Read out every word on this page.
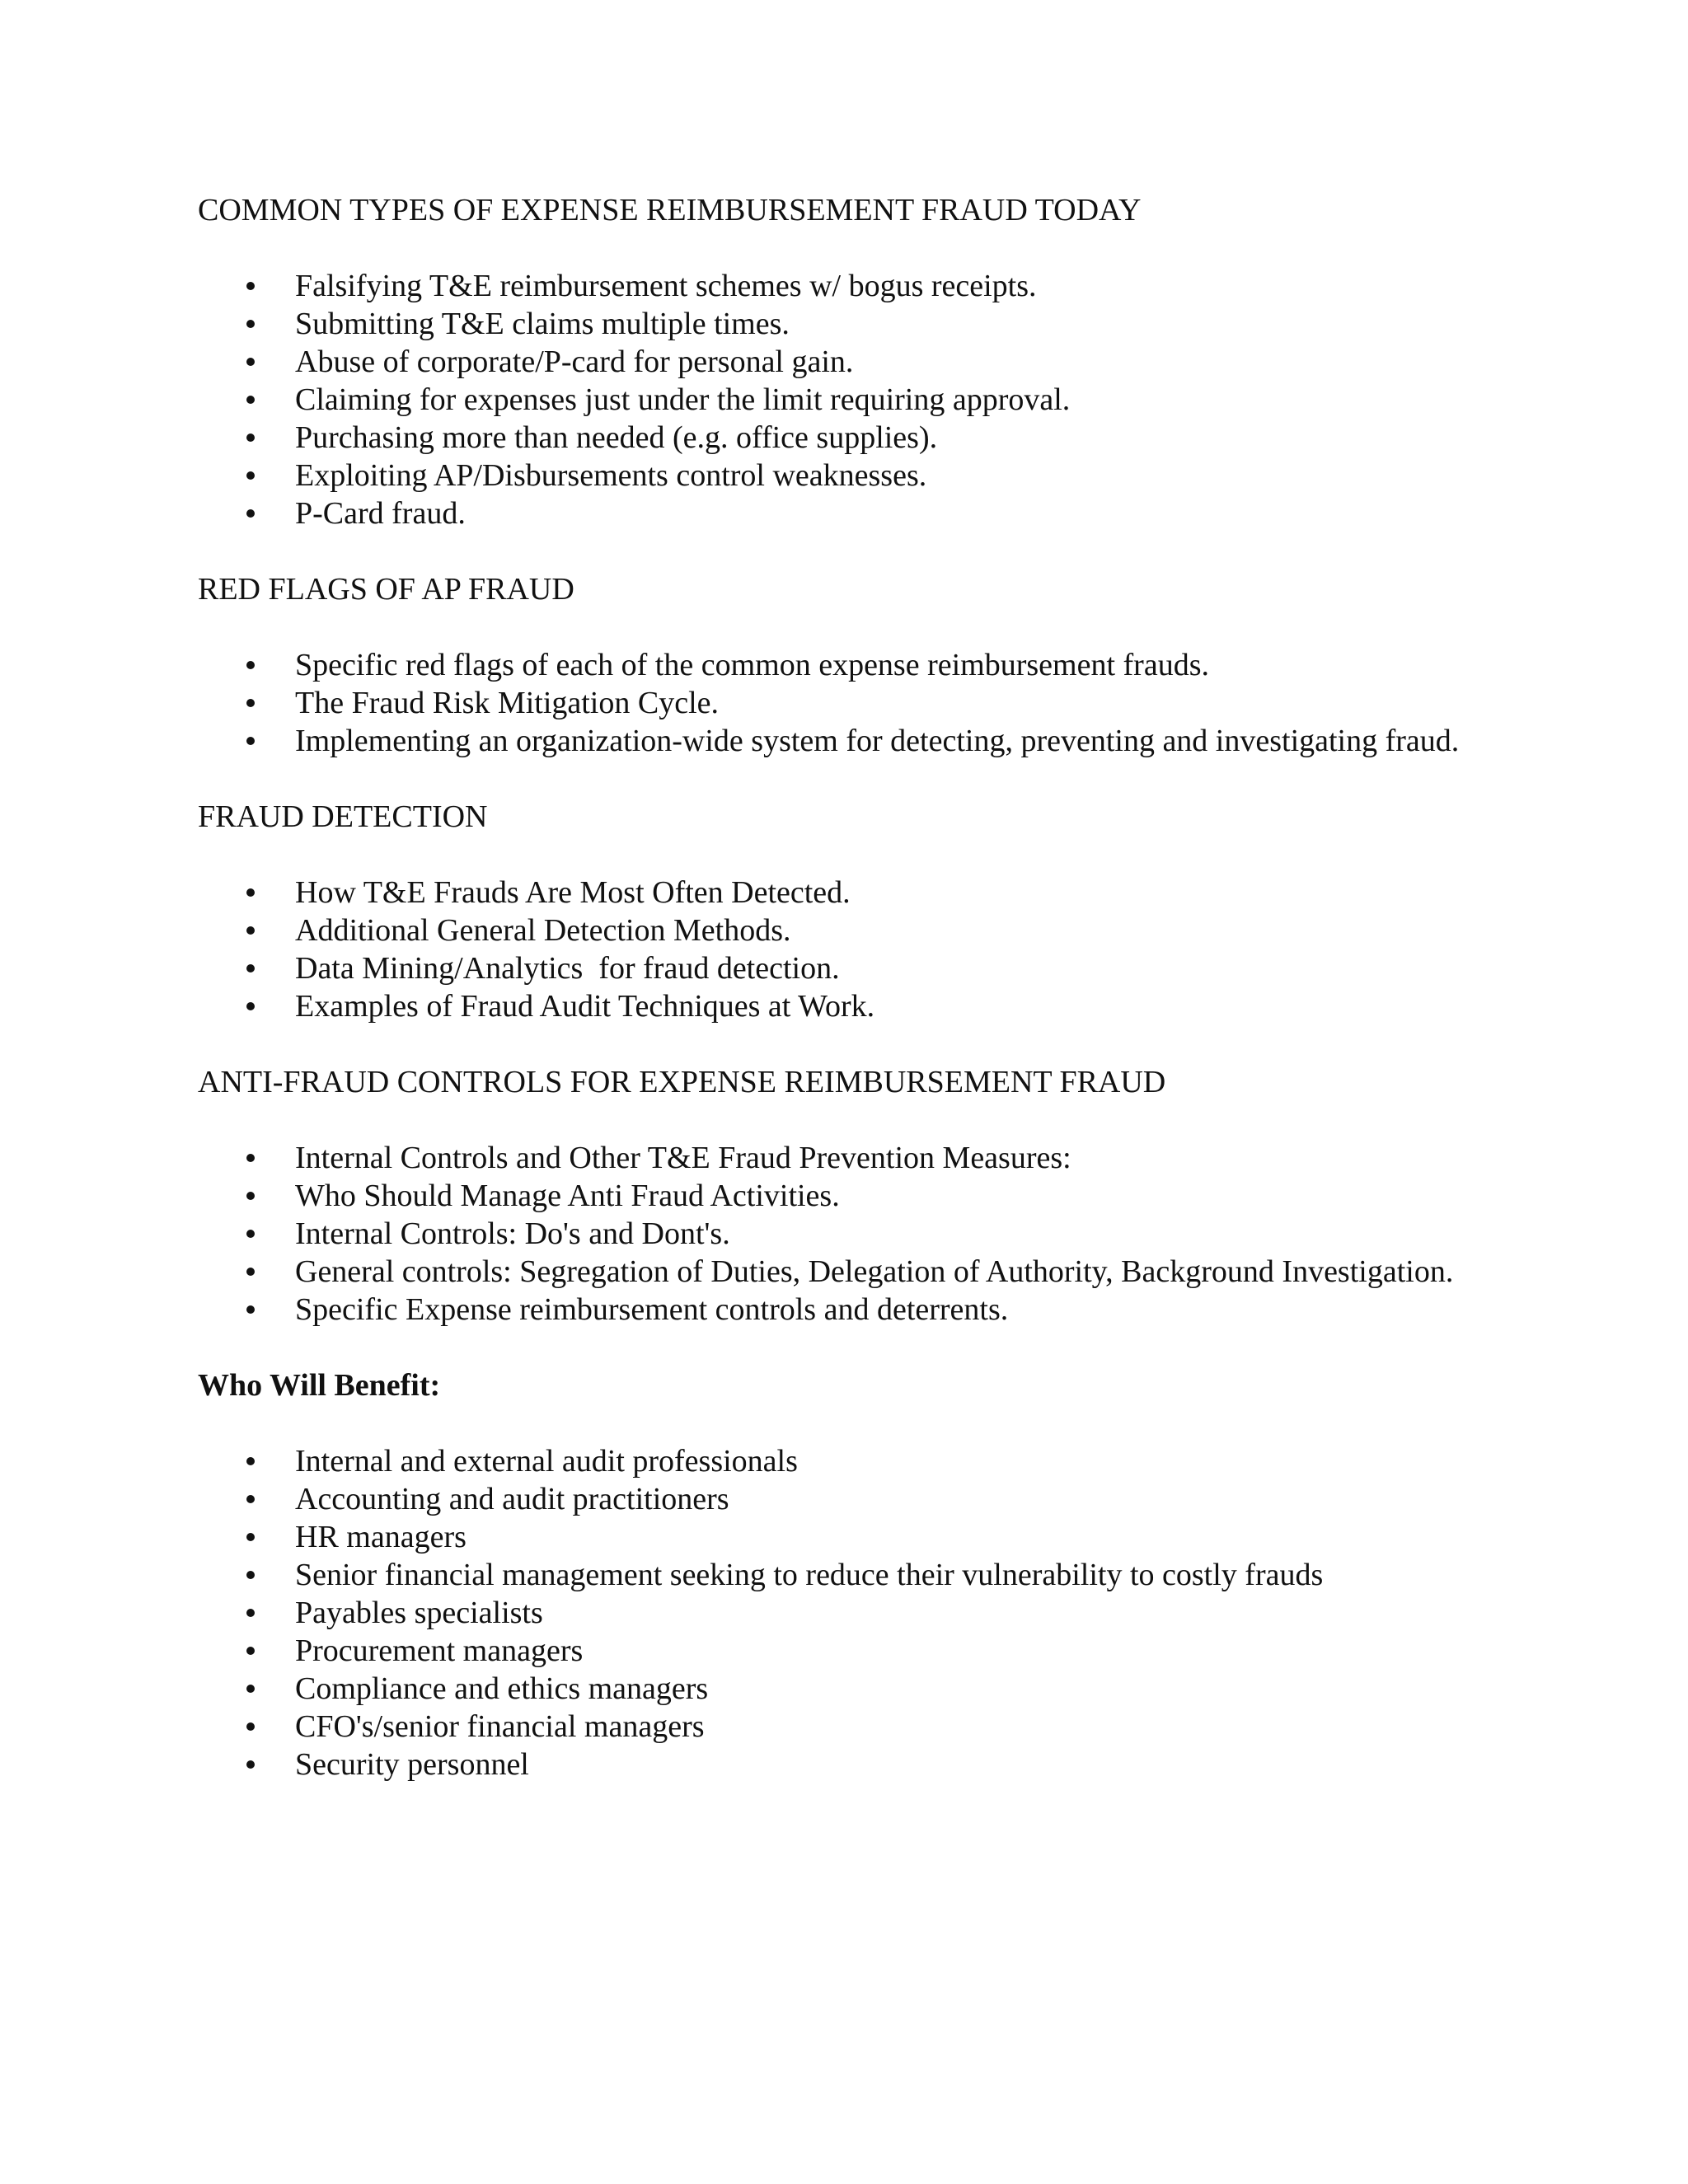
COMMON TYPES OF EXPENSE REIMBURSEMENT FRAUD TODAY
Falsifying T&E reimbursement schemes w/ bogus receipts.
Submitting T&E claims multiple times.
Abuse of corporate/P-card for personal gain.
Claiming for expenses just under the limit requiring approval.
Purchasing more than needed (e.g. office supplies).
Exploiting AP/Disbursements control weaknesses.
P-Card fraud.
RED FLAGS OF AP FRAUD
Specific red flags of each of the common expense reimbursement frauds.
The Fraud Risk Mitigation Cycle.
Implementing an organization-wide system for detecting, preventing and investigating fraud.
FRAUD DETECTION
How T&E Frauds Are Most Often Detected.
Additional General Detection Methods.
Data Mining/Analytics  for fraud detection.
Examples of Fraud Audit Techniques at Work.
ANTI-FRAUD CONTROLS FOR EXPENSE REIMBURSEMENT FRAUD
Internal Controls and Other T&E Fraud Prevention Measures:
Who Should Manage Anti Fraud Activities.
Internal Controls: Do's and Dont's.
General controls: Segregation of Duties, Delegation of Authority, Background Investigation.
Specific Expense reimbursement controls and deterrents.
Who Will Benefit:
Internal and external audit professionals
Accounting and audit practitioners
HR managers
Senior financial management seeking to reduce their vulnerability to costly frauds
Payables specialists
Procurement managers
Compliance and ethics managers
CFO's/senior financial managers
Security personnel
